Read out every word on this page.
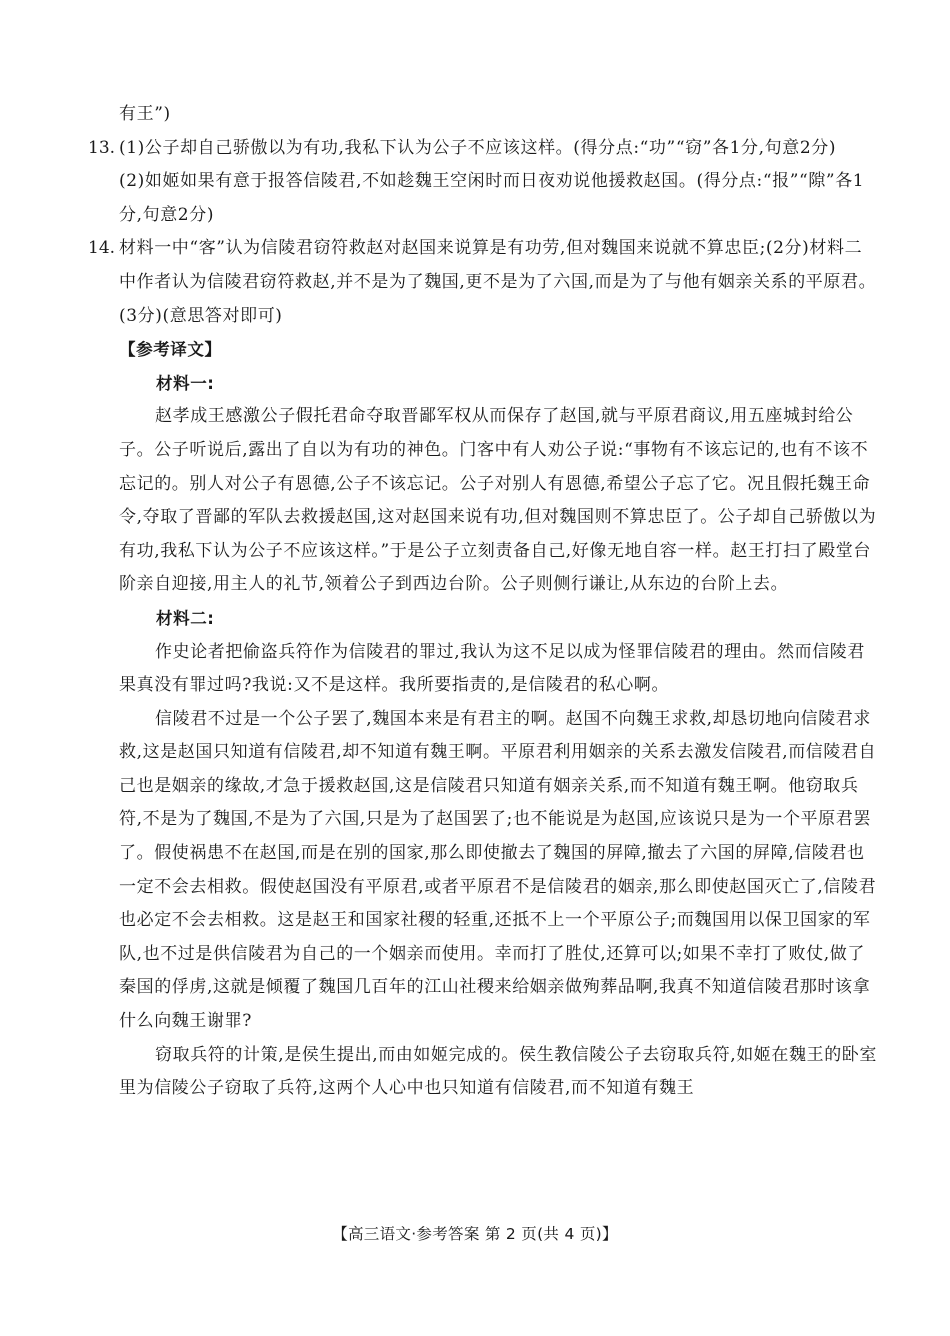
有王”)
13. (1)公子却自己骄傲以为有功,我私下认为公子不应该这样。(得分点:“功”“窃”各1分,句意2分)
(2)如姬如果有意于报答信陵君,不如趁魏王空闲时而日夜劝说他援救赵国。(得分点:“报”“隙”各1分,句意2分)
14. 材料一中“客”认为信陵君窃符救赵对赵国来说算是有功劳,但对魏国来说就不算忠臣;(2分)材料二中作者认为信陵君窃符救赵,并不是为了魏国,更不是为了六国,而是为了与他有姻亲关系的平原君。(3分)(意思答对即可)
【参考译文】
材料一:
赵孝成王感激公子假托君命夺取晋鄙军权从而保存了赵国,就与平原君商议,用五座城封给公子。公子听说后,露出了自以为有功的神色。门客中有人劝公子说:“事物有不该忘记的,也有不该不忘记的。别人对公子有恩德,公子不该忘记。公子对别人有恩德,希望公子忘了它。况且假托魏王命令,夺取了晋鄙的军队去救援赵国,这对赵国来说有功,但对魏国则不算忠臣了。公子却自己骄傲以为有功,我私下认为公子不应该这样。”于是公子立刻责备自己,好像无地自容一样。赵王打扫了殿堂台阶亲自迎接,用主人的礼节,领着公子到西边台阶。公子则侧行谦让,从东边的台阶上去。
材料二:
作史论者把偷盗兵符作为信陵君的罪过,我认为这不足以成为怪罪信陵君的理由。然而信陵君果真没有罪过吗?我说:又不是这样。我所要指责的,是信陵君的私心啊。
信陵君不过是一个公子罢了,魏国本来是有君主的啊。赵国不向魏王求救,却恳切地向信陵君求救,这是赵国只知道有信陵君,却不知道有魏王啊。平原君利用姻亲的关系去激发信陵君,而信陵君自己也是姻亲的缘故,才急于援救赵国,这是信陵君只知道有姻亲关系,而不知道有魏王啊。他窃取兵符,不是为了魏国,不是为了六国,只是为了赵国罢了;也不能说是为赵国,应该说只是为一个平原君罢了。假使祸患不在赵国,而是在别的国家,那么即使撤去了魏国的屏障,撤去了六国的屏障,信陵君也一定不会去相救。假使赵国没有平原君,或者平原君不是信陵君的姻亲,那么即使赵国灭亡了,信陵君也必定不会去相救。这是赵王和国家社稷的轻重,还抵不上一个平原公子;而魏国用以保卫国家的军队,也不过是供信陵君为自己的一个姻亲而使用。幸而打了胜仗,还算可以;如果不幸打了败仗,做了秦国的俘虏,这就是倾覆了魏国几百年的江山社稷来给姻亲做殉葬品啊,我真不知道信陵君那时该拿什么向魏王谢罪?
窃取兵符的计策,是侯生提出,而由如姬完成的。侯生教信陵公子去窃取兵符,如姬在魏王的卧室里为信陵公子窃取了兵符,这两个人心中也只知道有信陵君,而不知道有魏王
【高三语文·参考答案 第 2 页(共 4 页)】
